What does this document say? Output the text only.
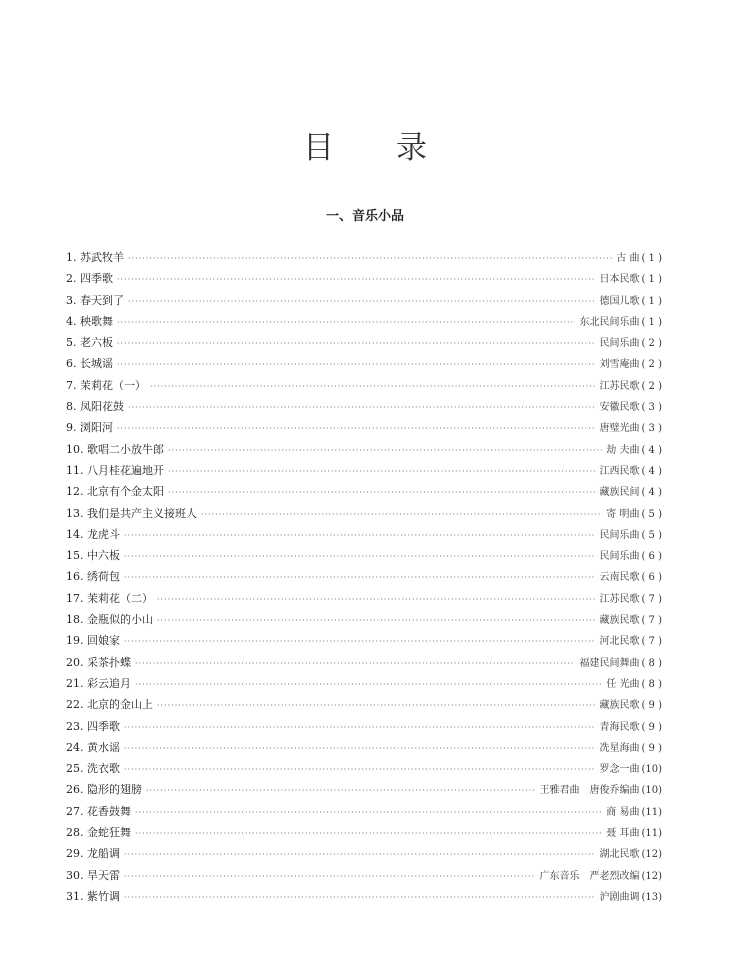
目录
一、音乐小品
1. 苏武牧羊 ·····	古 曲 ( 1 )
2. 四季歌 ·····	日本民歌 ( 1 )
3. 春天到了 ·····	德国儿歌 ( 1 )
4. 秧歌舞 ·····	东北民间乐曲 ( 1 )
5. 老六板 ·····	民间乐曲 ( 2 )
6. 长城谣 ·····	刘雪庵曲 ( 2 )
7. 茉莉花（一） ·····	江苏民歌 ( 2 )
8. 凤阳花鼓 ·····	安徽民歌 ( 3 )
9. 浏阳河 ·····	唐璧光曲 ( 3 )
10. 歌唱二小放牛郎 ·····	劫 夫曲 ( 4 )
11. 八月桂花遍地开 ·····	江西民歌 ( 4 )
12. 北京有个金太阳 ·····	藏族民间 ( 4 )
13. 我们是共产主义接班人 ·····	寄 明曲 ( 5 )
14. 龙虎斗 ·····	民间乐曲 ( 5 )
15. 中六板 ·····	民间乐曲 ( 6 )
16. 绣荷包 ·····	云南民歌 ( 6 )
17. 茉莉花（二） ·····	江苏民歌 ( 7 )
18. 金瓶似的小山 ·····	藏族民歌 ( 7 )
19. 回娘家 ·····	河北民歌 ( 7 )
20. 采茶扑蝶 ·····	福建民间舞曲 ( 8 )
21. 彩云追月 ·····	任 光曲 ( 8 )
22. 北京的金山上 ·····	藏族民歌 ( 9 )
23. 四季歌 ·····	青海民歌 ( 9 )
24. 黄水谣 ·····	冼星海曲 ( 9 )
25. 洗衣歌 ·····	罗念一曲 (10)
26. 隐形的翅膀 ·····	王雅君曲　唐俊乔编曲 (10)
27. 花香鼓舞 ·····	商 易曲 (11)
28. 金蛇狂舞 ·····	聂 耳曲 (11)
29. 龙船调 ·····	湖北民歌 (12)
30. 旱天雷 ·····	广东音乐　严老烈改编 (12)
31. 紫竹调 ·····	沪剧曲调 (13)
